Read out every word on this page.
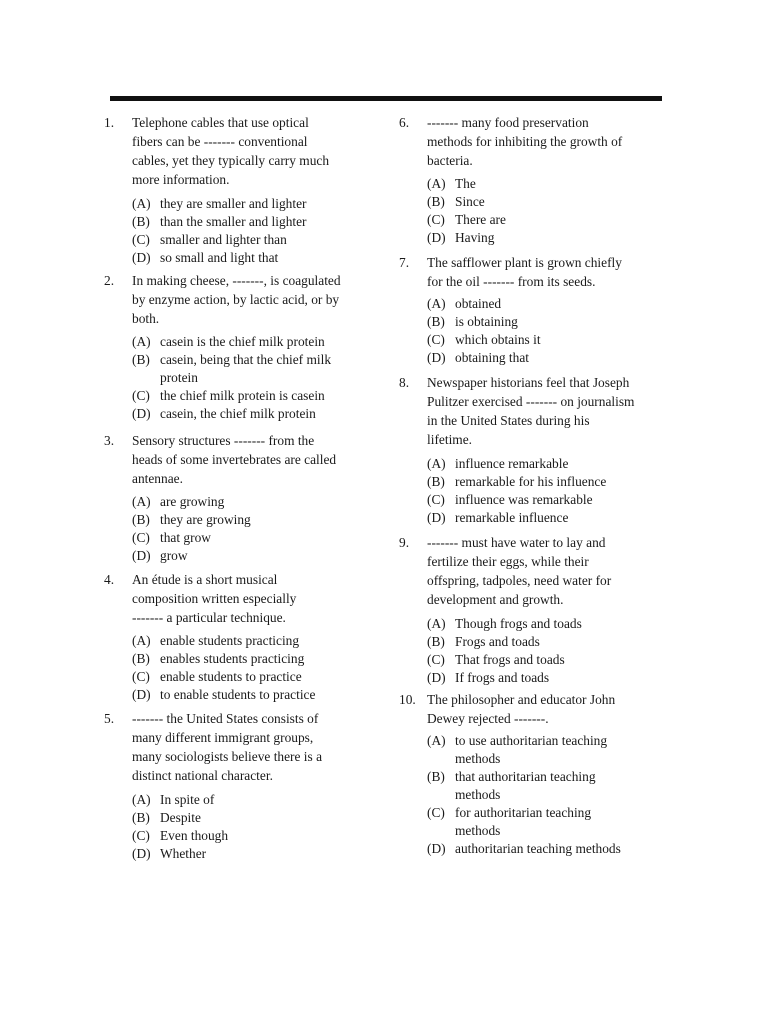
1. Telephone cables that use optical
fibers can be ------- conventional
cables, yet they typically carry much
more information.
(A) they are smaller and lighter
(B) than the smaller and lighter
(C) smaller and lighter than
(D) so small and light that
2. In making cheese, -------, is coagulated
by enzyme action, by lactic acid, or by
both.
(A) casein is the chief milk protein
(B) casein, being that the chief milk
protein
(C) the chief milk protein is casein
(D) casein, the chief milk protein
3. Sensory structures ------- from the
heads of some invertebrates are called
antennae.
(A) are growing
(B) they are growing
(C) that grow
(D) grow
4. An étude is a short musical
composition written especially
------- a particular technique.
(A) enable students practicing
(B) enables students practicing
(C) enable students to practice
(D) to enable students to practice
5. ------- the United States consists of
many different immigrant groups,
many sociologists believe there is a
distinct national character.
(A) In spite of
(B) Despite
(C) Even though
(D) Whether
6. ------- many food preservation
methods for inhibiting the growth of
bacteria.
(A) The
(B) Since
(C) There are
(D) Having
7. The safflower plant is grown chiefly
for the oil ------- from its seeds.
(A) obtained
(B) is obtaining
(C) which obtains it
(D) obtaining that
8. Newspaper historians feel that Joseph
Pulitzer exercised ------- on journalism
in the United States during his
lifetime.
(A) influence remarkable
(B) remarkable for his influence
(C) influence was remarkable
(D) remarkable influence
9. ------- must have water to lay and
fertilize their eggs, while their
offspring, tadpoles, need water for
development and growth.
(A) Though frogs and toads
(B) Frogs and toads
(C) That frogs and toads
(D) If frogs and toads
10. The philosopher and educator John
Dewey rejected -------.
(A) to use authoritarian teaching
methods
(B) that authoritarian teaching
methods
(C) for authoritarian teaching
methods
(D) authoritarian teaching methods
